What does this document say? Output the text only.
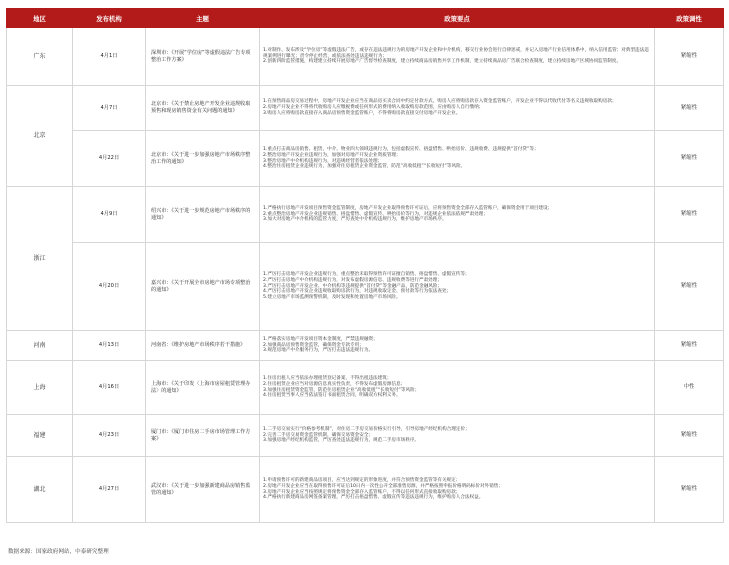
地区	发布机构	主题	政策要点	政策调性
广东	4月1日	深圳市：《开展“学位房”等虚假违法广告专项整治工作方案》	1.对制作、发布涉及“学位房”等虚假违法广告，或存在违法违规行为的房地产开发企业和中介机构，移交行业协会进行自律惩戒，并记入房地产行业信用体系中，纳入信用监管；对典型违法违规案例进行曝光；责令停止经营，或依法查处违法违规行为；
2.创新四阶监管措施，构建建立持续开展房地产广告督导检查制度，建立持续商品房销售共享工作机制，建立持续商品房广告联合检查制度，建立持续房地产区域协同监管制度。	紧缩性
北京	4月7日	北京市：《关于禁止房地产开发企业违规收取预售和现房销售资金有关问题的通知》	1.在预售商品房交易过程中，房地产开发企业应当在商品房买卖合同中约定付款方式，购房人应将购房款存入资金监管账户，开发企业不得以代收代付等名义违规收取购房款；
2.房地产开发企业不得将代收购房人应缴税费或任何形式的费用纳入收取购房款范围，应由购房人自行缴纳；
3.购房人应将购房款直接存入商品房预售资金监管账户，不得将购房款直接交付房地产开发企业。	紧缩性
	4月22日	北京市：《关于进一步加强房地产市场秩序整治工作的通知》	1.重点打击商品房销售、租赁、中介、物业四大领域违规行为，包括虚假宣传、捂盘惜售、哄抬房价、违规收费、违规提供“首付贷”等；
2.整治房地产开发企业违规行为，加强对房地产开发企业资质管理；
3.整治房地产中介机构违规行为，对违规经营者依法处理；
4.整治住房租赁企业违规行为，加强对住房租赁企业资金监管，防范“高收低租”“长收短付”等风险。	紧缩性
浙江	4月9日	绍兴市：《关于进一步规范房地产市场秩序的通知》	1.严格执行房地产开发项目预售资金监管制度，房地产开发企业取得预售许可证后，应将预售资金全部存入监管账户，确保资金用于项目建设；
2.重点整治房地产开发企业违规销售、捂盘惜售、虚假宣传、哄抬房价等行为，对违规企业依法依规严肃处理；
3.加大对房地产中介机构的监管力度，严厉查处中介机构违规行为，维护房地产市场秩序。	紧缩性
	4月20日	嘉兴市：《关于开展全市房地产市场专项整治的通知》	1.严厉打击房地产开发企业违规行为，重点整治未取得预售许可证擅自销售、捂盘惜售、虚假宣传等；
2.严厉打击房地产中介机构违规行为，对发布虚假房源信息、违规收费等进行严肃处理；
3.严厉打击房地产开发企业、中介机构等违规提供“首付贷”等金融产品，防范金融风险；
4.严厉打击房地产开发企业违规收取购房款行为，对违规收取定金、预付款等行为依法查处；
5.建立房地产市场监测预警机制，及时发现和处置房地产市场风险。	紧缩性
河南	4月13日	河南省：《维护房地产市场秩序若干措施》	1.严格落实房地产开发项目资本金制度，严禁违规融资；
2.加强商品房预售资金监管，确保资金专款专用；
3.规范房地产中介服务行为，严厉打击违法违规行为。	紧缩性
上海	4月16日	上海市：《关于印发〈上海市房屋租赁管理办法〉的通知》	1.住房出租人应当依法办理租赁登记备案，不得出租违法建筑；
2.住房租赁企业应当对房源信息真实性负责，不得发布虚假房源信息；
3.加强住房租赁资金监管，防范住房租赁企业“高收低租”“长收短付”等风险；
4.住房租赁当事人应当依法签订书面租赁合同，明确双方权利义务。	中性
福建	4月23日	厦门市：《厦门市住房二手房市场管理工作方案》	1.二手房交易实行“价格参考机制”，对住房二手房交易价格实行引导，引导房地产经纪机构合理定价；
2.完善二手房交易资金监管机制，确保交易资金安全；
3.加强房地产经纪机构监管，严厉查处违法违规行为，规范二手房市场秩序。	紧缩性
湖北	4月27日	武汉市：《关于进一步加强新建商品房销售监管的通知》	1.申请预售许可的新建商品房项目，应当达到规定的形象进度，并符合预售资金监管等有关规定；
2.房地产开发企业应当在取得预售许可证后10日内一次性公开全部准售房源，并严格按照申报价格明码标价对外销售；
3.房地产开发企业应当按照规定将预售资金全部存入监管账户，不得以任何形式直接收取购房款；
4.严格执行新建商品房网签备案管理，严厉打击捂盘惜售、虚假宣传等违法违规行为，维护购房人合法权益。	紧缩性
数据来源：国家政府网站，中泰研究整理
